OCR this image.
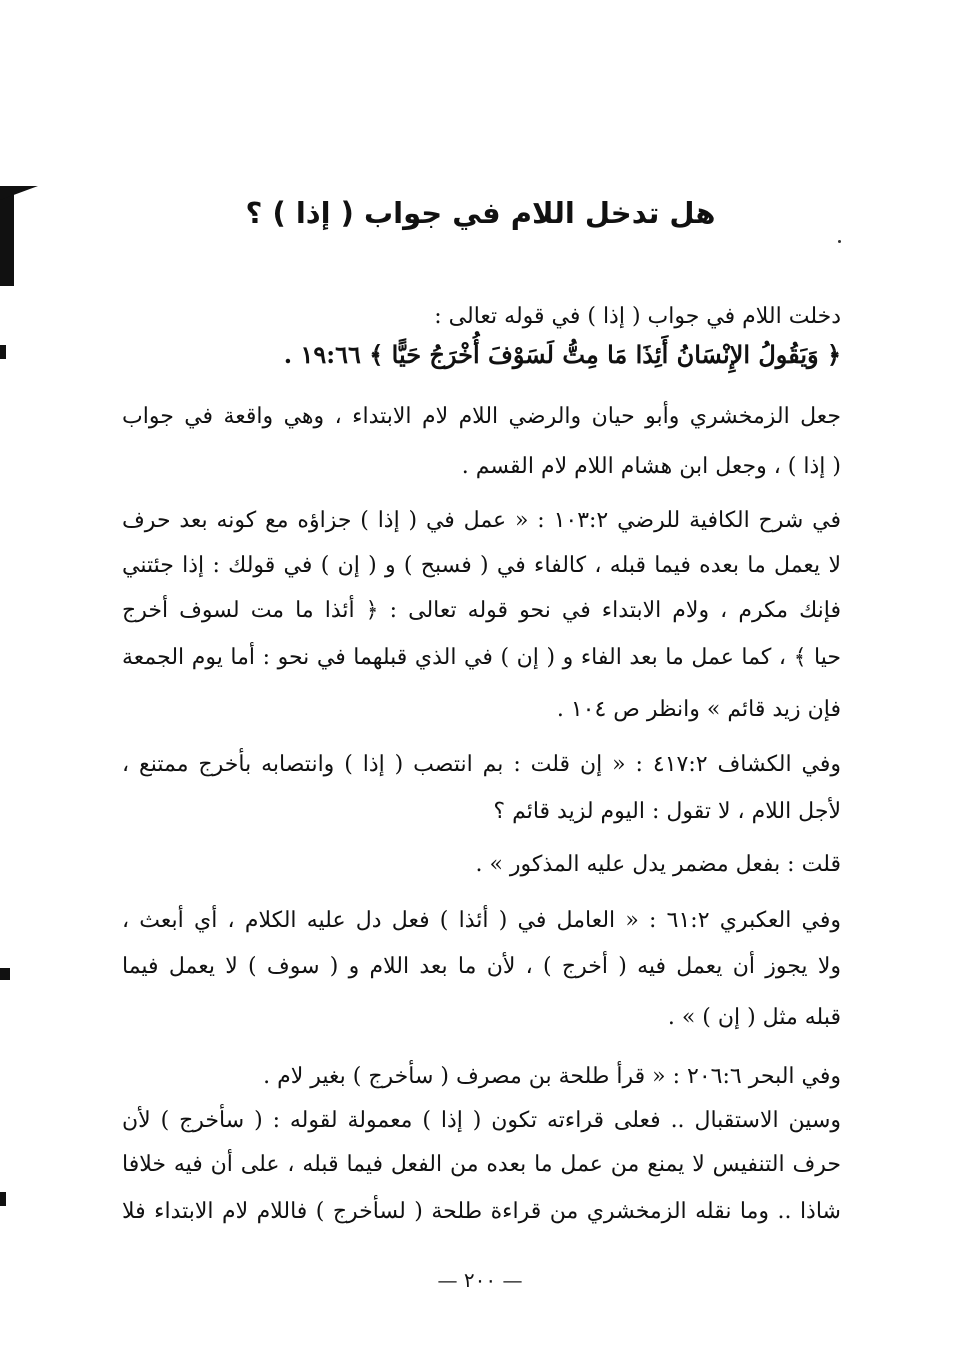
هل تدخل اللام في جواب ( إذا ) ؟
دخلت اللام في جواب ( إذا ) في قوله تعالى :
﴿ وَيَقُولُ الإِنْسَانُ أَئِذَا مَا مِتُّ لَسَوْفَ أُخْرَجُ حَيًّا ﴾ ١٩:٦٦ .
جعل الزمخشري وأبو حيان والرضي اللام لام الابتداء ، وهي واقعة في جواب
( إذا ) ، وجعل ابن هشام اللام لام القسم .
في شرح الكافية للرضي ١٠٣:٢ : « عمل في ( إذا ) جزاؤه مع كونه بعد حرف
لا يعمل ما بعده فيما قبله ، كالفاء في ( فسبح ) و ( إن ) في قولك : إذا جئتني
فإنك مكرم ، ولام الابتداء في نحو قوله تعالى : ﴿ أئذا ما مت لسوف أخرج
حيا ﴾ ، كما عمل ما بعد الفاء و ( إن ) في الذي قبلهما في نحو : أما يوم الجمعة
فإن زيد قائم » وانظر ص ١٠٤ .
وفي الكشاف ٤١٧:٢ : « إن قلت : بم انتصب ( إذا ) وانتصابه بأخرج ممتنع ،
لأجل اللام ، لا تقول : اليوم لزيد قائم ؟
قلت : بفعل مضمر يدل عليه المذكور » .
وفي العكبري ٦١:٢ : « العامل في ( أئذا ) فعل دل عليه الكلام ، أي أبعث ،
ولا يجوز أن يعمل فيه ( أخرج ) ، لأن ما بعد اللام و ( سوف ) لا يعمل فيما
قبله مثل ( إن ) » .
وفي البحر ٢٠٦:٦ : « قرأ طلحة بن مصرف ( سأخرج ) بغير لام .
وسين الاستقبال .. فعلى قراءته تكون ( إذا ) معمولة لقوله : ( سأخرج ) لأن
حرف التنفيس لا يمنع من عمل ما بعده من الفعل فيما قبله ، على أن فيه خلافا
شاذا .. وما نقله الزمخشري من قراءة طلحة ( لسأخرج ) فاللام لام الابتداء فلا
— ٢٠٠ —
